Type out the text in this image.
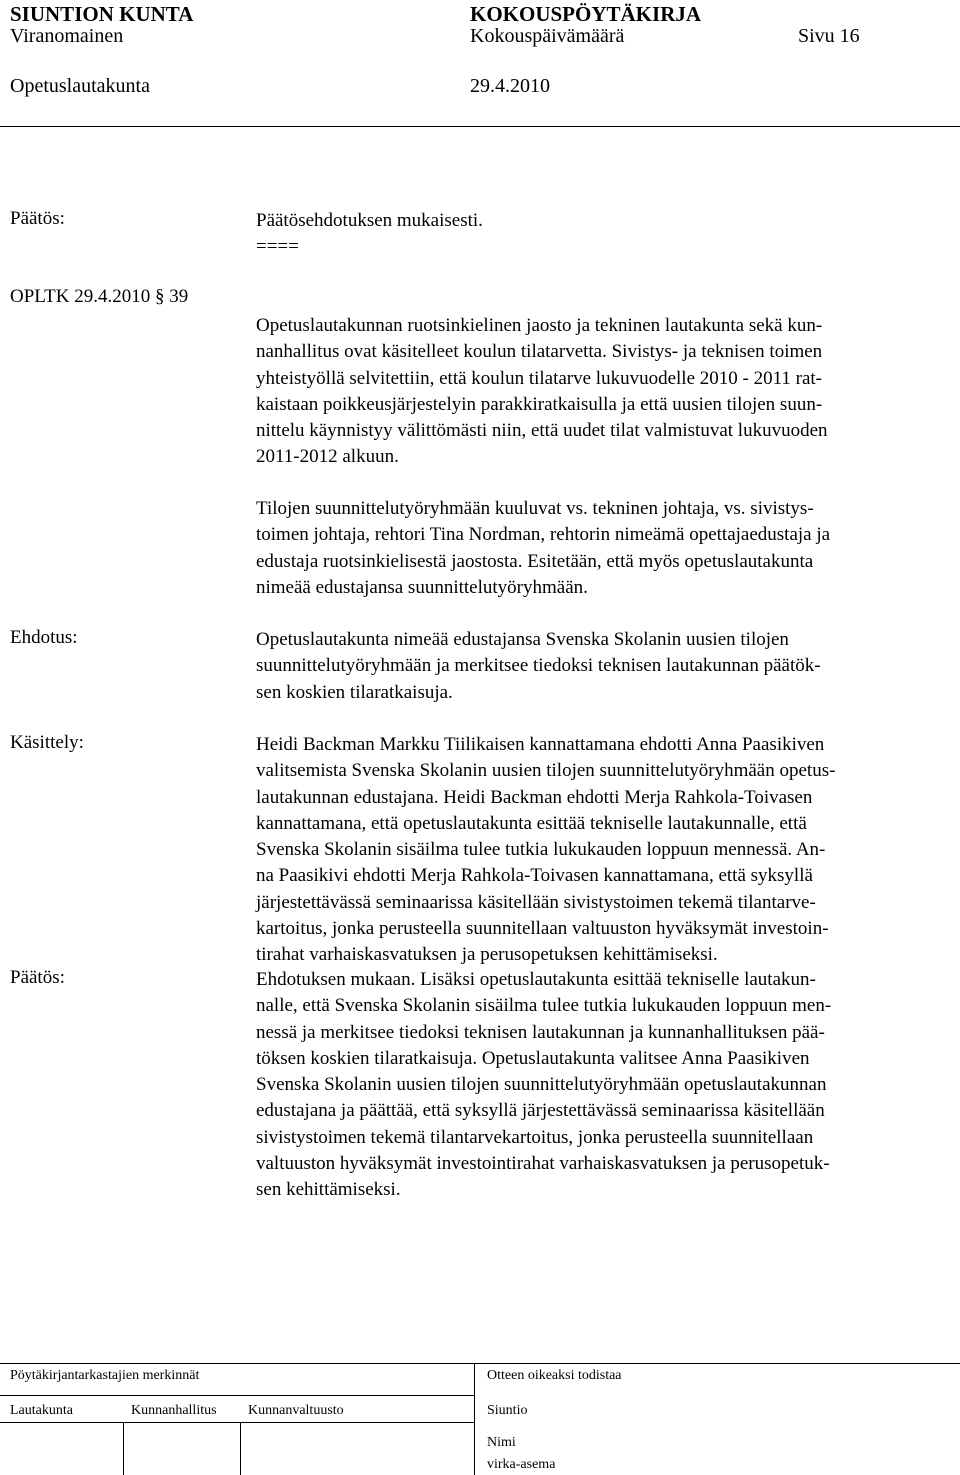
SIUNTION KUNTA	KOKOUSPÖYTÄKIRJA
Viranomainen	Kokouspäivämäärä	Sivu 16
Opetuslautakunta	29.4.2010
Päätös:	Päätösehdotuksen mukaisesti.
====
OPLTK 29.4.2010 § 39
Opetuslautakunnan ruotsinkielinen jaosto ja tekninen lautakunta sekä kun-
nanhallitus ovat käsitelleet koulun tilatarvetta. Sivistys- ja teknisen toimen
yhteistyöllä selvitettiin, että koulun tilatarve lukuvuodelle 2010 - 2011 rat-
kaistaan poikkeusjärjestelyin parakkiratkaisulla ja että uusien tilojen suun-
nittelu käynnistyy välittömästi niin, että uudet tilat valmistuvat lukuvuoden
2011-2012 alkuun.
Tilojen suunnittelutyöryhmään kuuluvat vs. tekninen johtaja, vs. sivistys-
toimen johtaja, rehtori Tina Nordman, rehtorin nimeämä opettajaedustaja ja
edustaja ruotsinkielisestä jaostosta. Esitetään, että myös opetuslautakunta
nimeää edustajansa suunnittelutyöryhmään.
Ehdotus:	Opetuslautakunta nimeää edustajansa Svenska Skolanin uusien tilojen
suunnittelutyöryhmään ja merkitsee tiedoksi teknisen lautakunnan päätök-
sen koskien tilaratkaisuja.
Käsittely:	Heidi Backman Markku Tiilikaisen kannattamana ehdotti Anna Paasikiven
valitsemista Svenska Skolanin uusien tilojen suunnittelutyöryhmään opetus-
lautakunnan edustajana. Heidi Backman ehdotti Merja Rahkola-Toivasen
kannattamana, että opetuslautakunta esittää tekniselle lautakunnalle, että
Svenska Skolanin sisäilma tulee tutkia lukukauden loppuun mennessä. An-
na Paasikivi ehdotti Merja Rahkola-Toivasen kannattamana, että syksyllä
järjestettävässä seminaarissa käsitellään sivistystoimen tekemä tilantarve-
kartoitus, jonka perusteella suunnitellaan valtuuston hyväksymät investoin-
tirahat varhaiskasvatuksen ja perusopetuksen kehittämiseksi.
Päätös:	Ehdotuksen mukaan. Lisäksi opetuslautakunta esittää tekniselle lautakun-
nalle, että Svenska Skolanin sisäilma tulee tutkia lukukauden loppuun men-
nessä ja merkitsee tiedoksi teknisen lautakunnan ja kunnanhallituksen pää-
töksen koskien tilaratkaisuja. Opetuslautakunta valitsee Anna Paasikiven
Svenska Skolanin uusien tilojen suunnittelutyöryhmään opetuslautakunnan
edustajana ja päättää, että syksyllä järjestettävässä seminaarissa käsitellään
sivistystoimen tekemä tilantarvekartoitus, jonka perusteella suunnitellaan
valtuuston hyväksymät investointirahat varhaiskasvatuksen ja perusopetuk-
sen kehittämiseksi.
Pöytäkirjantarkastajien merkinnät	Otteen oikeaksi todistaa
Lautakunta	Kunnanhallitus Kunnanvaltuusto	Siuntio
Nimi
virka-asema
